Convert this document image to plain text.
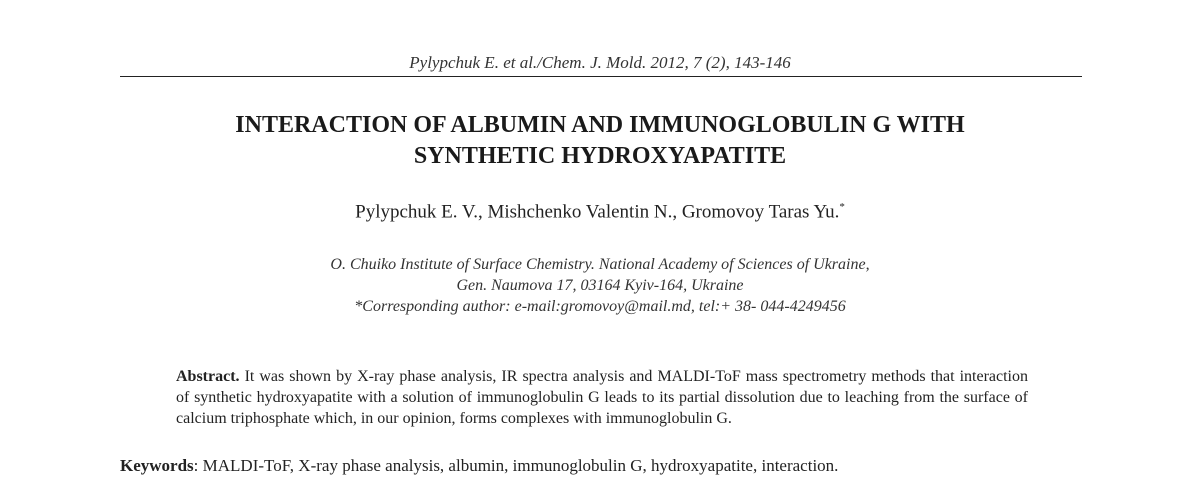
Pylypchuk E. et al./Chem. J. Mold. 2012, 7 (2), 143-146
INTERACTION OF ALBUMIN AND IMMUNOGLOBULIN G WITH
SYNTHETIC HYDROXYAPATITE
Pylypchuk E. V., Mishchenko Valentin N., Gromovoy Taras Yu.*
O. Chuiko Institute of Surface Chemistry. National Academy of Sciences of Ukraine,
Gen. Naumova 17, 03164 Kyiv-164, Ukraine
*Corresponding author: e-mail:gromovoy@mail.md, tel:+ 38- 044-4249456
Abstract. It was shown by X-ray phase analysis, IR spectra analysis and MALDI-ToF mass spectrometry methods that interaction of synthetic hydroxyapatite with a solution of immunoglobulin G leads to its partial dissolution due to leaching from the surface of calcium triphosphate which, in our opinion, forms complexes with immunoglobulin G.
Keywords: MALDI-ToF, X-ray phase analysis, albumin, immunoglobulin G, hydroxyapatite, interaction.
